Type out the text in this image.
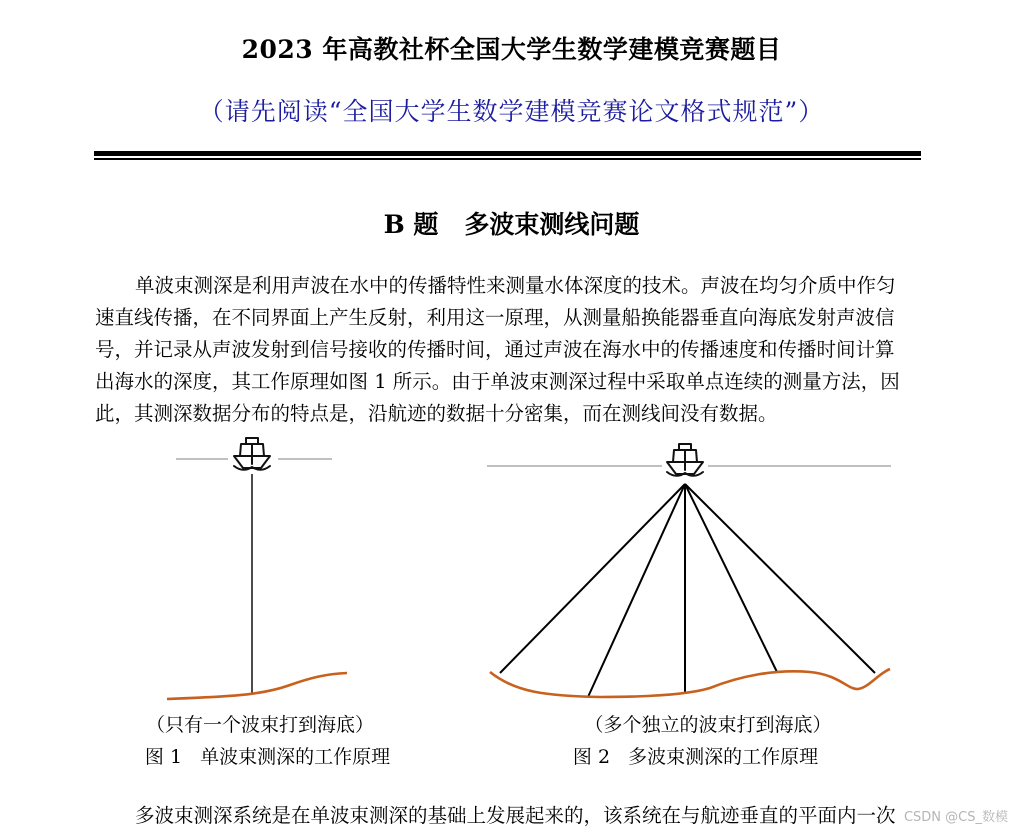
2023 年高教社杯全国大学生数学建模竞赛题目
（请先阅读“全国大学生数学建模竞赛论文格式规范”）
B 题 多波束测线问题
单波束测深是利用声波在水中的传播特性来测量水体深度的技术。声波在均匀介质中作匀
速直线传播，在不同界面上产生反射，利用这一原理，从测量船换能器垂直向海底发射声波信
号，并记录从声波发射到信号接收的传播时间，通过声波在海水中的传播速度和传播时间计算
出海水的深度，其工作原理如图 1 所示。由于单波束测深过程中采取单点连续的测量方法，因
此，其测深数据分布的特点是，沿航迹的数据十分密集，而在测线间没有数据。
（只有一个波束打到海底）
图 1 单波束测深的工作原理
（多个独立的波束打到海底）
图 2 多波束测深的工作原理
多波束测深系统是在单波束测深的基础上发展起来的，该系统在与航迹垂直的平面内一次 CSDN @CS_数模
